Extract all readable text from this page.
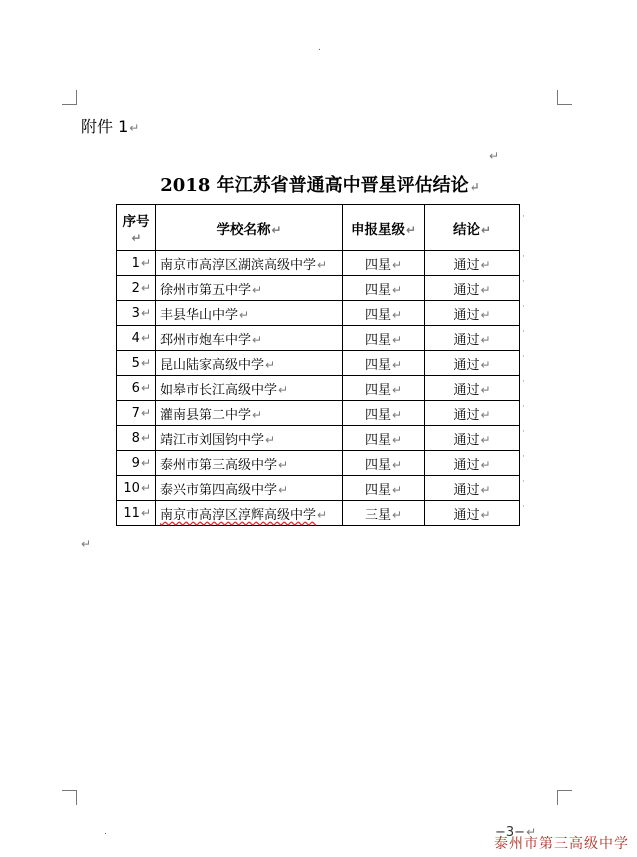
.
.
附件 1↵
↵
2018 年江苏省普通高中晋星评估结论↵
序号↵	学校名称↵	申报星级↵	结论↵
1↵	南京市高淳区湖滨高级中学↵	四星↵	通过↵
2↵	徐州市第五中学↵	四星↵	通过↵
3↵	丰县华山中学↵	四星↵	通过↵
4↵	邳州市炮车中学↵	四星↵	通过↵
5↵	昆山陆家高级中学↵	四星↵	通过↵
6↵	如皋市长江高级中学↵	四星↵	通过↵
7↵	灌南县第二中学↵	四星↵	通过↵
8↵	靖江市刘国钧中学↵	四星↵	通过↵
9↵	泰州市第三高级中学↵	四星↵	通过↵
10↵	泰兴市第四高级中学↵	四星↵	通过↵
11↵	南京市高淳区淳辉高级中学↵	三星↵	通过↵
·
·
·
·
·
·
·
·
·
·
·
·
↵
−3−↵
泰州市第三高级中学
